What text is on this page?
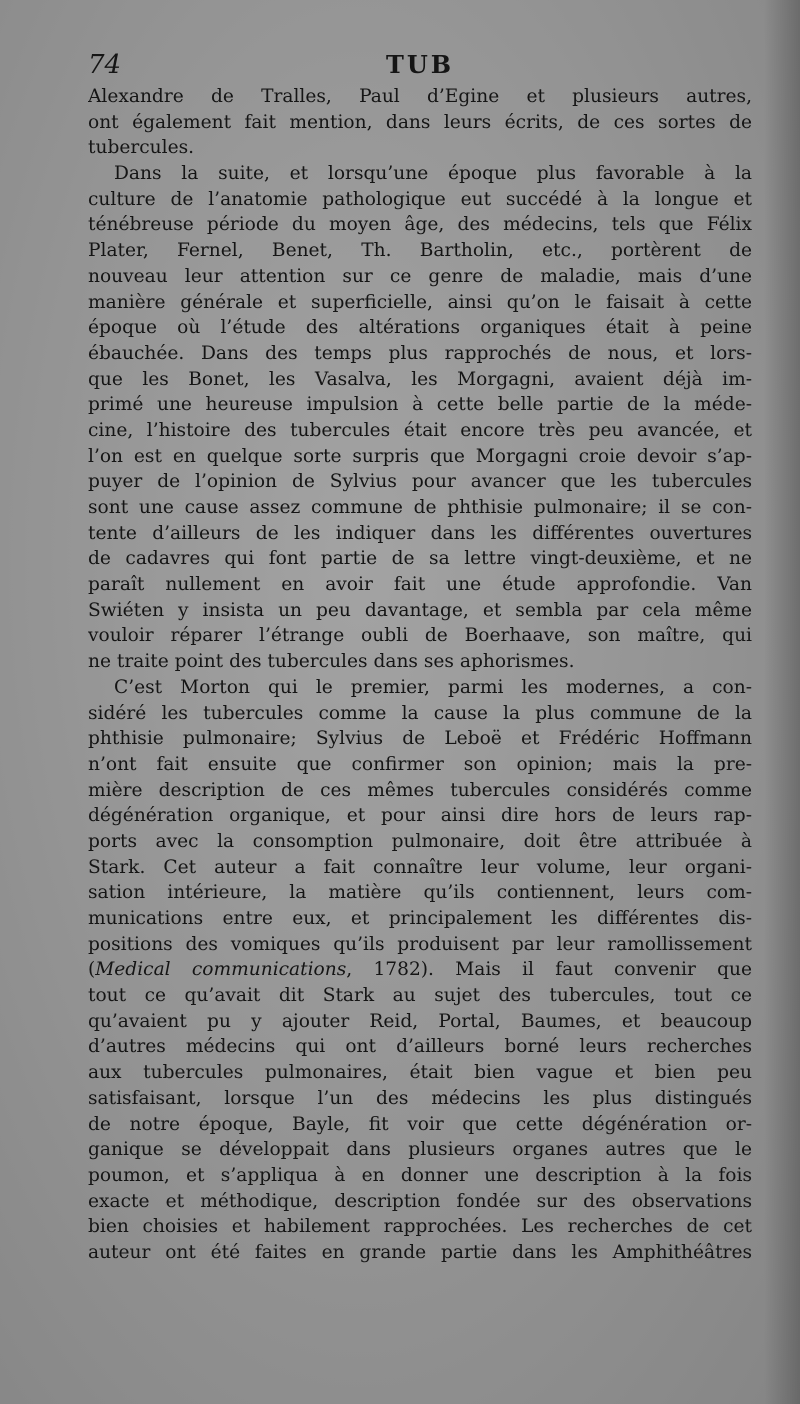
74	TUB
Alexandre de Tralles, Paul d’Egine et plusieurs autres,
ont également fait mention, dans leurs écrits, de ces sortes de
tubercules.
Dans la suite, et lorsqu’une époque plus favorable à la
culture de l’anatomie pathologique eut succédé à la longue et
ténébreuse période du moyen âge, des médecins, tels que Félix
Plater, Fernel, Benet, Th. Bartholin, etc., portèrent de
nouveau leur attention sur ce genre de maladie, mais d’une
manière générale et superficielle, ainsi qu’on le faisait à cette
époque où l’étude des altérations organiques était à peine
ébauchée. Dans des temps plus rapprochés de nous, et lors-
que les Bonet, les Vasalva, les Morgagni, avaient déjà im-
primé une heureuse impulsion à cette belle partie de la méde-
cine, l’histoire des tubercules était encore très peu avancée, et
l’on est en quelque sorte surpris que Morgagni croie devoir s’ap-
puyer de l’opinion de Sylvius pour avancer que les tubercules
sont une cause assez commune de phthisie pulmonaire; il se con-
tente d’ailleurs de les indiquer dans les différentes ouvertures
de cadavres qui font partie de sa lettre vingt-deuxième, et ne
paraît nullement en avoir fait une étude approfondie. Van
Swiéten y insista un peu davantage, et sembla par cela même
vouloir réparer l’étrange oubli de Boerhaave, son maître, qui
ne traite point des tubercules dans ses aphorismes.
C’est Morton qui le premier, parmi les modernes, a con-
sidéré les tubercules comme la cause la plus commune de la
phthisie pulmonaire; Sylvius de Leboë et Frédéric Hoffmann
n’ont fait ensuite que confirmer son opinion; mais la pre-
mière description de ces mêmes tubercules considérés comme
dégénération organique, et pour ainsi dire hors de leurs rap-
ports avec la consomption pulmonaire, doit être attribuée à
Stark. Cet auteur a fait connaître leur volume, leur organi-
sation intérieure, la matière qu’ils contiennent, leurs com-
munications entre eux, et principalement les différentes dis-
positions des vomiques qu’ils produisent par leur ramollissement
(Medical communications, 1782). Mais il faut convenir que
tout ce qu’avait dit Stark au sujet des tubercules, tout ce
qu’avaient pu y ajouter Reid, Portal, Baumes, et beaucoup
d’autres médecins qui ont d’ailleurs borné leurs recherches
aux tubercules pulmonaires, était bien vague et bien peu
satisfaisant, lorsque l’un des médecins les plus distingués
de notre époque, Bayle, fit voir que cette dégénération or-
ganique se développait dans plusieurs organes autres que le
poumon, et s’appliqua à en donner une description à la fois
exacte et méthodique, description fondée sur des observations
bien choisies et habilement rapprochées. Les recherches de cet
auteur ont été faites en grande partie dans les Amphithéâtres
